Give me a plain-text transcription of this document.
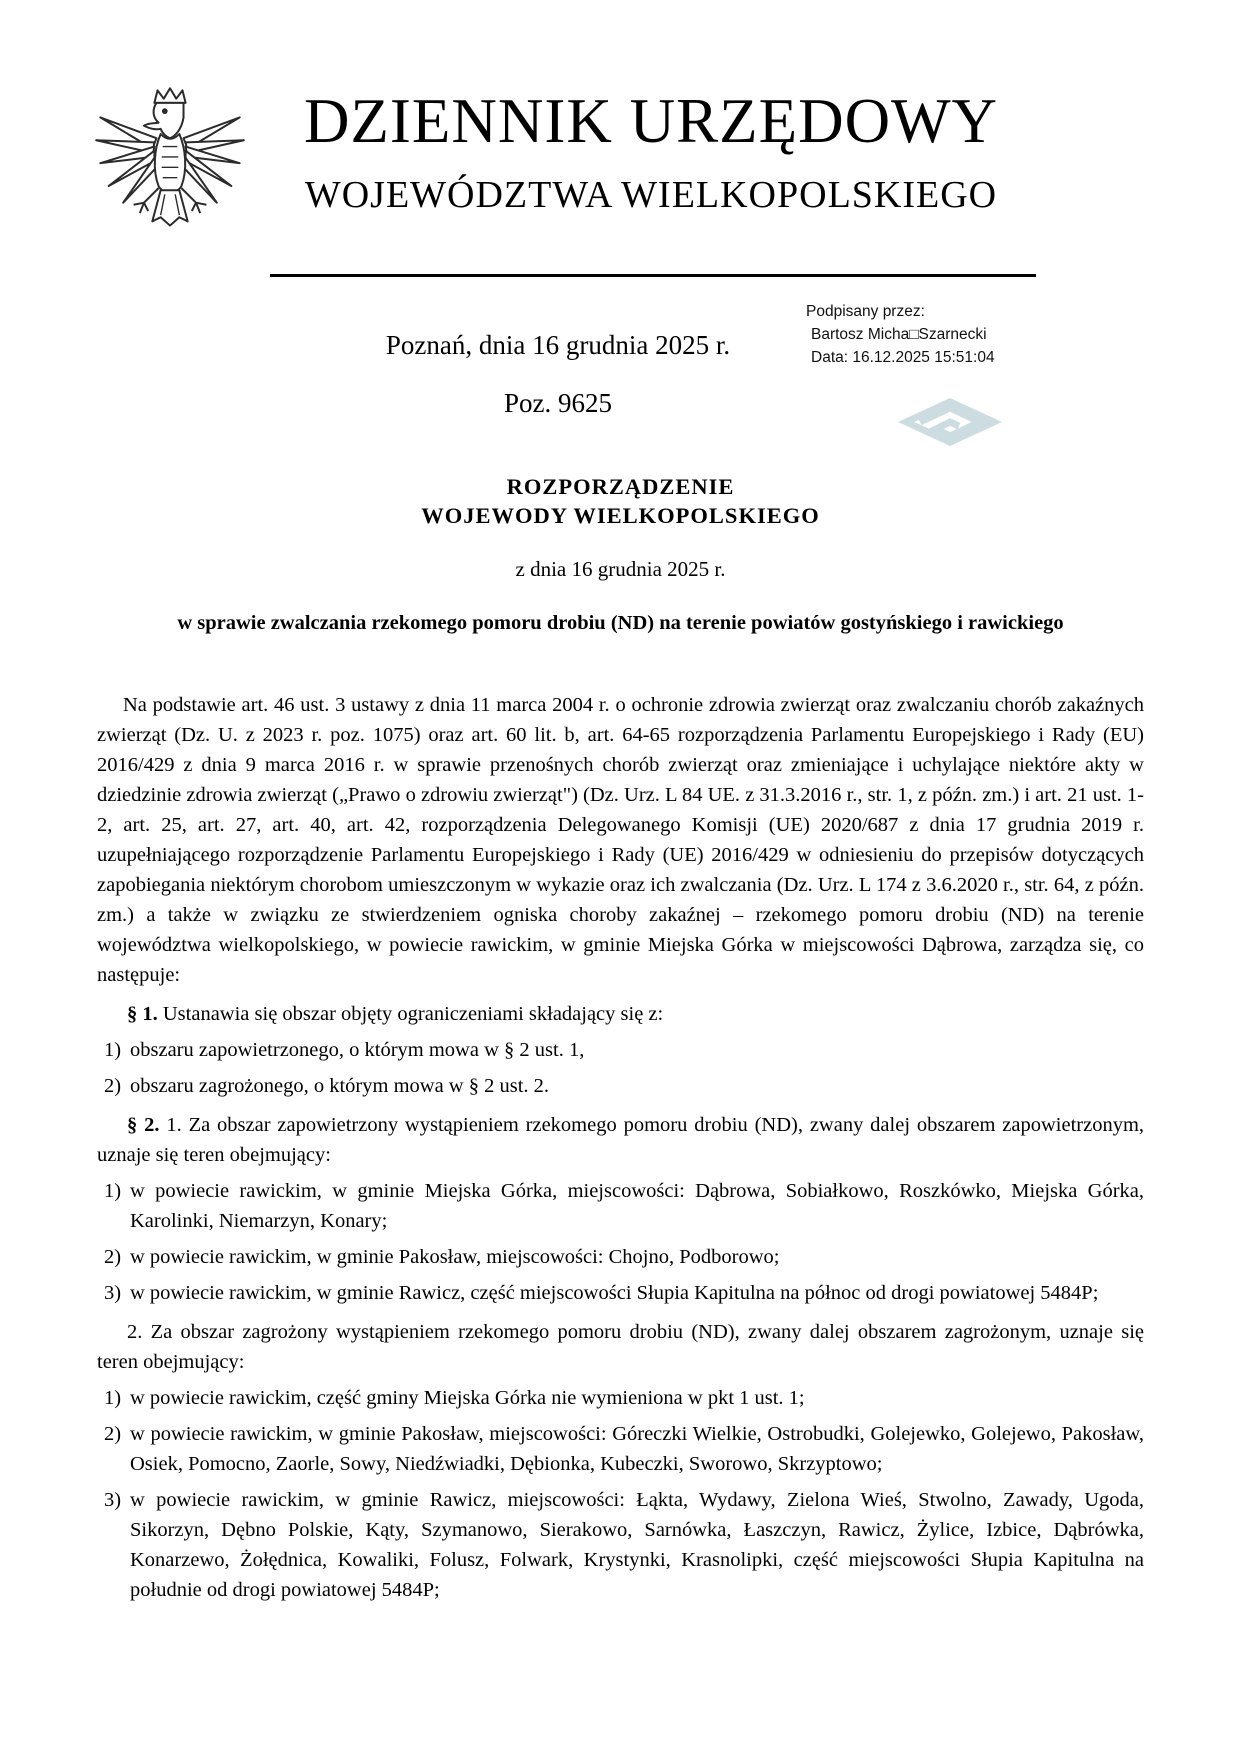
DZIENNIK URZĘDOWY
WOJEWÓDZTWA WIELKOPOLSKIEGO
Poznań, dnia 16 grudnia 2025 r.
Poz. 9625
Podpisany przez:
Bartosz Micha□Szarnecki
Data: 16.12.2025 15:51:04
ROZPORZĄDZENIE
WOJEWODY WIELKOPOLSKIEGO
z dnia 16 grudnia 2025 r.
w sprawie zwalczania rzekomego pomoru drobiu (ND) na terenie powiatów gostyńskiego i rawickiego

Na podstawie art. 46 ust. 3 ustawy z dnia 11 marca 2004 r. o ochronie zdrowia zwierząt oraz zwalczaniu chorób zakaźnych zwierząt (Dz. U. z 2023 r. poz. 1075) oraz art. 60 lit. b, art. 64-65 rozporządzenia Parlamentu Europejskiego i Rady (EU) 2016/429 z dnia 9 marca 2016 r. w sprawie przenośnych chorób zwierząt oraz zmieniające i uchylające niektóre akty w dziedzinie zdrowia zwierząt („Prawo o zdrowiu zwierząt") (Dz. Urz. L 84 UE. z 31.3.2016 r., str. 1, z późn. zm.) i art. 21 ust. 1-2, art. 25, art. 27, art. 40, art. 42, rozporządzenia Delegowanego Komisji (UE) 2020/687 z dnia 17 grudnia 2019 r. uzupełniającego rozporządzenie Parlamentu Europejskiego i Rady (UE) 2016/429 w odniesieniu do przepisów dotyczących zapobiegania niektórym chorobom umieszczonym w wykazie oraz ich zwalczania (Dz. Urz. L 174 z 3.6.2020 r., str. 64, z późn. zm.) a także w związku ze stwierdzeniem ogniska choroby zakaźnej – rzekomego pomoru drobiu (ND) na terenie województwa wielkopolskiego, w powiecie rawickim, w gminie Miejska Górka w miejscowości Dąbrowa, zarządza się, co następuje:

§ 1. Ustanawia się obszar objęty ograniczeniami składający się z:
1) obszaru zapowietrzonego, o którym mowa w § 2 ust. 1,
2) obszaru zagrożonego, o którym mowa w § 2 ust. 2.
§ 2. 1. Za obszar zapowietrzony wystąpieniem rzekomego pomoru drobiu (ND), zwany dalej obszarem zapowietrzonym, uznaje się teren obejmujący:
1) w powiecie rawickim, w gminie Miejska Górka, miejscowości: Dąbrowa, Sobiałkowo, Roszkówko, Miejska Górka, Karolinki, Niemarzyn, Konary;
2) w powiecie rawickim, w gminie Pakosław, miejscowości: Chojno, Podborowo;
3) w powiecie rawickim, w gminie Rawicz, część miejscowości Słupia Kapitulna na północ od drogi powiatowej 5484P;
2. Za obszar zagrożony wystąpieniem rzekomego pomoru drobiu (ND), zwany dalej obszarem zagrożonym, uznaje się teren obejmujący:
1) w powiecie rawickim, część gminy Miejska Górka nie wymieniona w pkt 1 ust. 1;
2) w powiecie rawickim, w gminie Pakosław, miejscowości: Góreczki Wielkie, Ostrobudki, Golejewko, Golejewo, Pakosław, Osiek, Pomocno, Zaorle, Sowy, Niedźwiadki, Dębionka, Kubeczki, Sworowo, Skrzyptowo;
3) w powiecie rawickim, w gminie Rawicz, miejscowości: Łąkta, Wydawy, Zielona Wieś, Stwolno, Zawady, Ugoda, Sikorzyn, Dębno Polskie, Kąty, Szymanowo, Sierakowo, Sarnówka, Łaszczyn, Rawicz, Żylice, Izbice, Dąbrówka, Konarzewo, Żołędnica, Kowaliki, Folusz, Folwark, Krystynki, Krasnolipki, część miejscowości Słupia Kapitulna na południe od drogi powiatowej 5484P;
